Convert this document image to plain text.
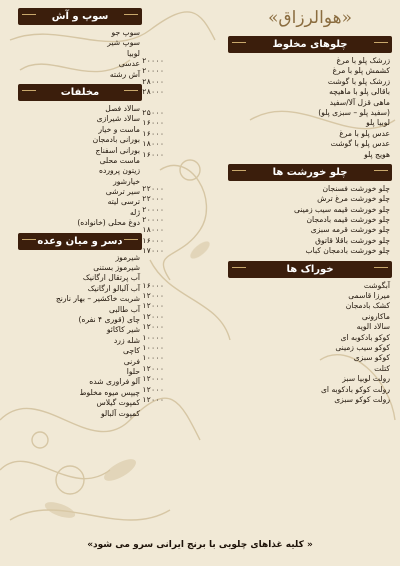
«هوالرزاق»
چلوهای مخلوط
زرشک پلو با مرغ
۲۰۰۰۰
کشمش پلو با مرغ
۲۰۰۰۰
زرشک پلو با گوشت
۲۸۰۰۰
باقالی پلو با ماهیچه
۲۸۰۰۰
ماهی قزل آلا/سفید
(سفید پلو – سبزی پلو)
۲۵۰۰۰
لوبیا پلو
۱۶۰۰۰
عدس پلو با مرغ
۱۶۰۰۰
عدس پلو با گوشت
۱۸۰۰۰
هویج پلو
۱۶۰۰۰
چلو خورشت ها
چلو خورشت فسنجان
۲۲۰۰۰
چلو خورشت مرغ ترش
۲۲۰۰۰
چلو خورشت قیمه سیب زمینی
۲۰۰۰۰
چلو خورشت قیمه بادمجان
۲۰۰۰۰
چلو خورشت قرمه سبزی
۱۸۰۰۰
چلو خورشت باقلا قاتوق
۱۶۰۰۰
چلو خورشت بادمجان کباب
۱۷۰۰۰
خوراک ها
آبگوشت
۱۶۰۰۰
میرزا قاسمی
۱۲۰۰۰
کشک بادمجان
۱۲۰۰۰
ماکارونی
۱۲۰۰۰
سالاد الویه
۱۲۰۰۰
کوکو بادکوبه ای
۱۰۰۰۰
کوکو سیب زمینی
۱۰۰۰۰
کوکو سبزی
۱۰۰۰۰
کتلت
۱۲۰۰۰
رولت لوبیا سبز
۱۲۰۰۰
رولت کوکو بادکوبه ای
۱۲۰۰۰
رولت کوکو سبزی
۱۲۰۰۰
سوپ و آش
سوپ جو
سوپ شیر
لوبیا
عدسی
آش رشته
مخلفات
سالاد فصل
سالاد شیرازی
ماست و خیار
بورانی بادمجان
بورانی اسفناج
ماست محلی
زیتون پرورده
خیارشور
سیر ترشی
ترسی لیته
ژله
دوغ محلی (خانواده)
دسر و میان وعده
شیرموز
شیرموز بستنی
آب پرتقال ارگانیک
آب آلبالو ارگانیک
شربت خاکشیر – بهار نارنج
آب طالبی
چای (قوری ۴ نفره)
شیر کاکائو
شله زرد
کاچی
فرنی
حلوا
آلو فراوری شده
چیپس میوه مخلوط
کمپوت گیلاس
کمپوت آلبالو
« کلیه غذاهای چلویی با برنج ایرانی سرو می شود»
